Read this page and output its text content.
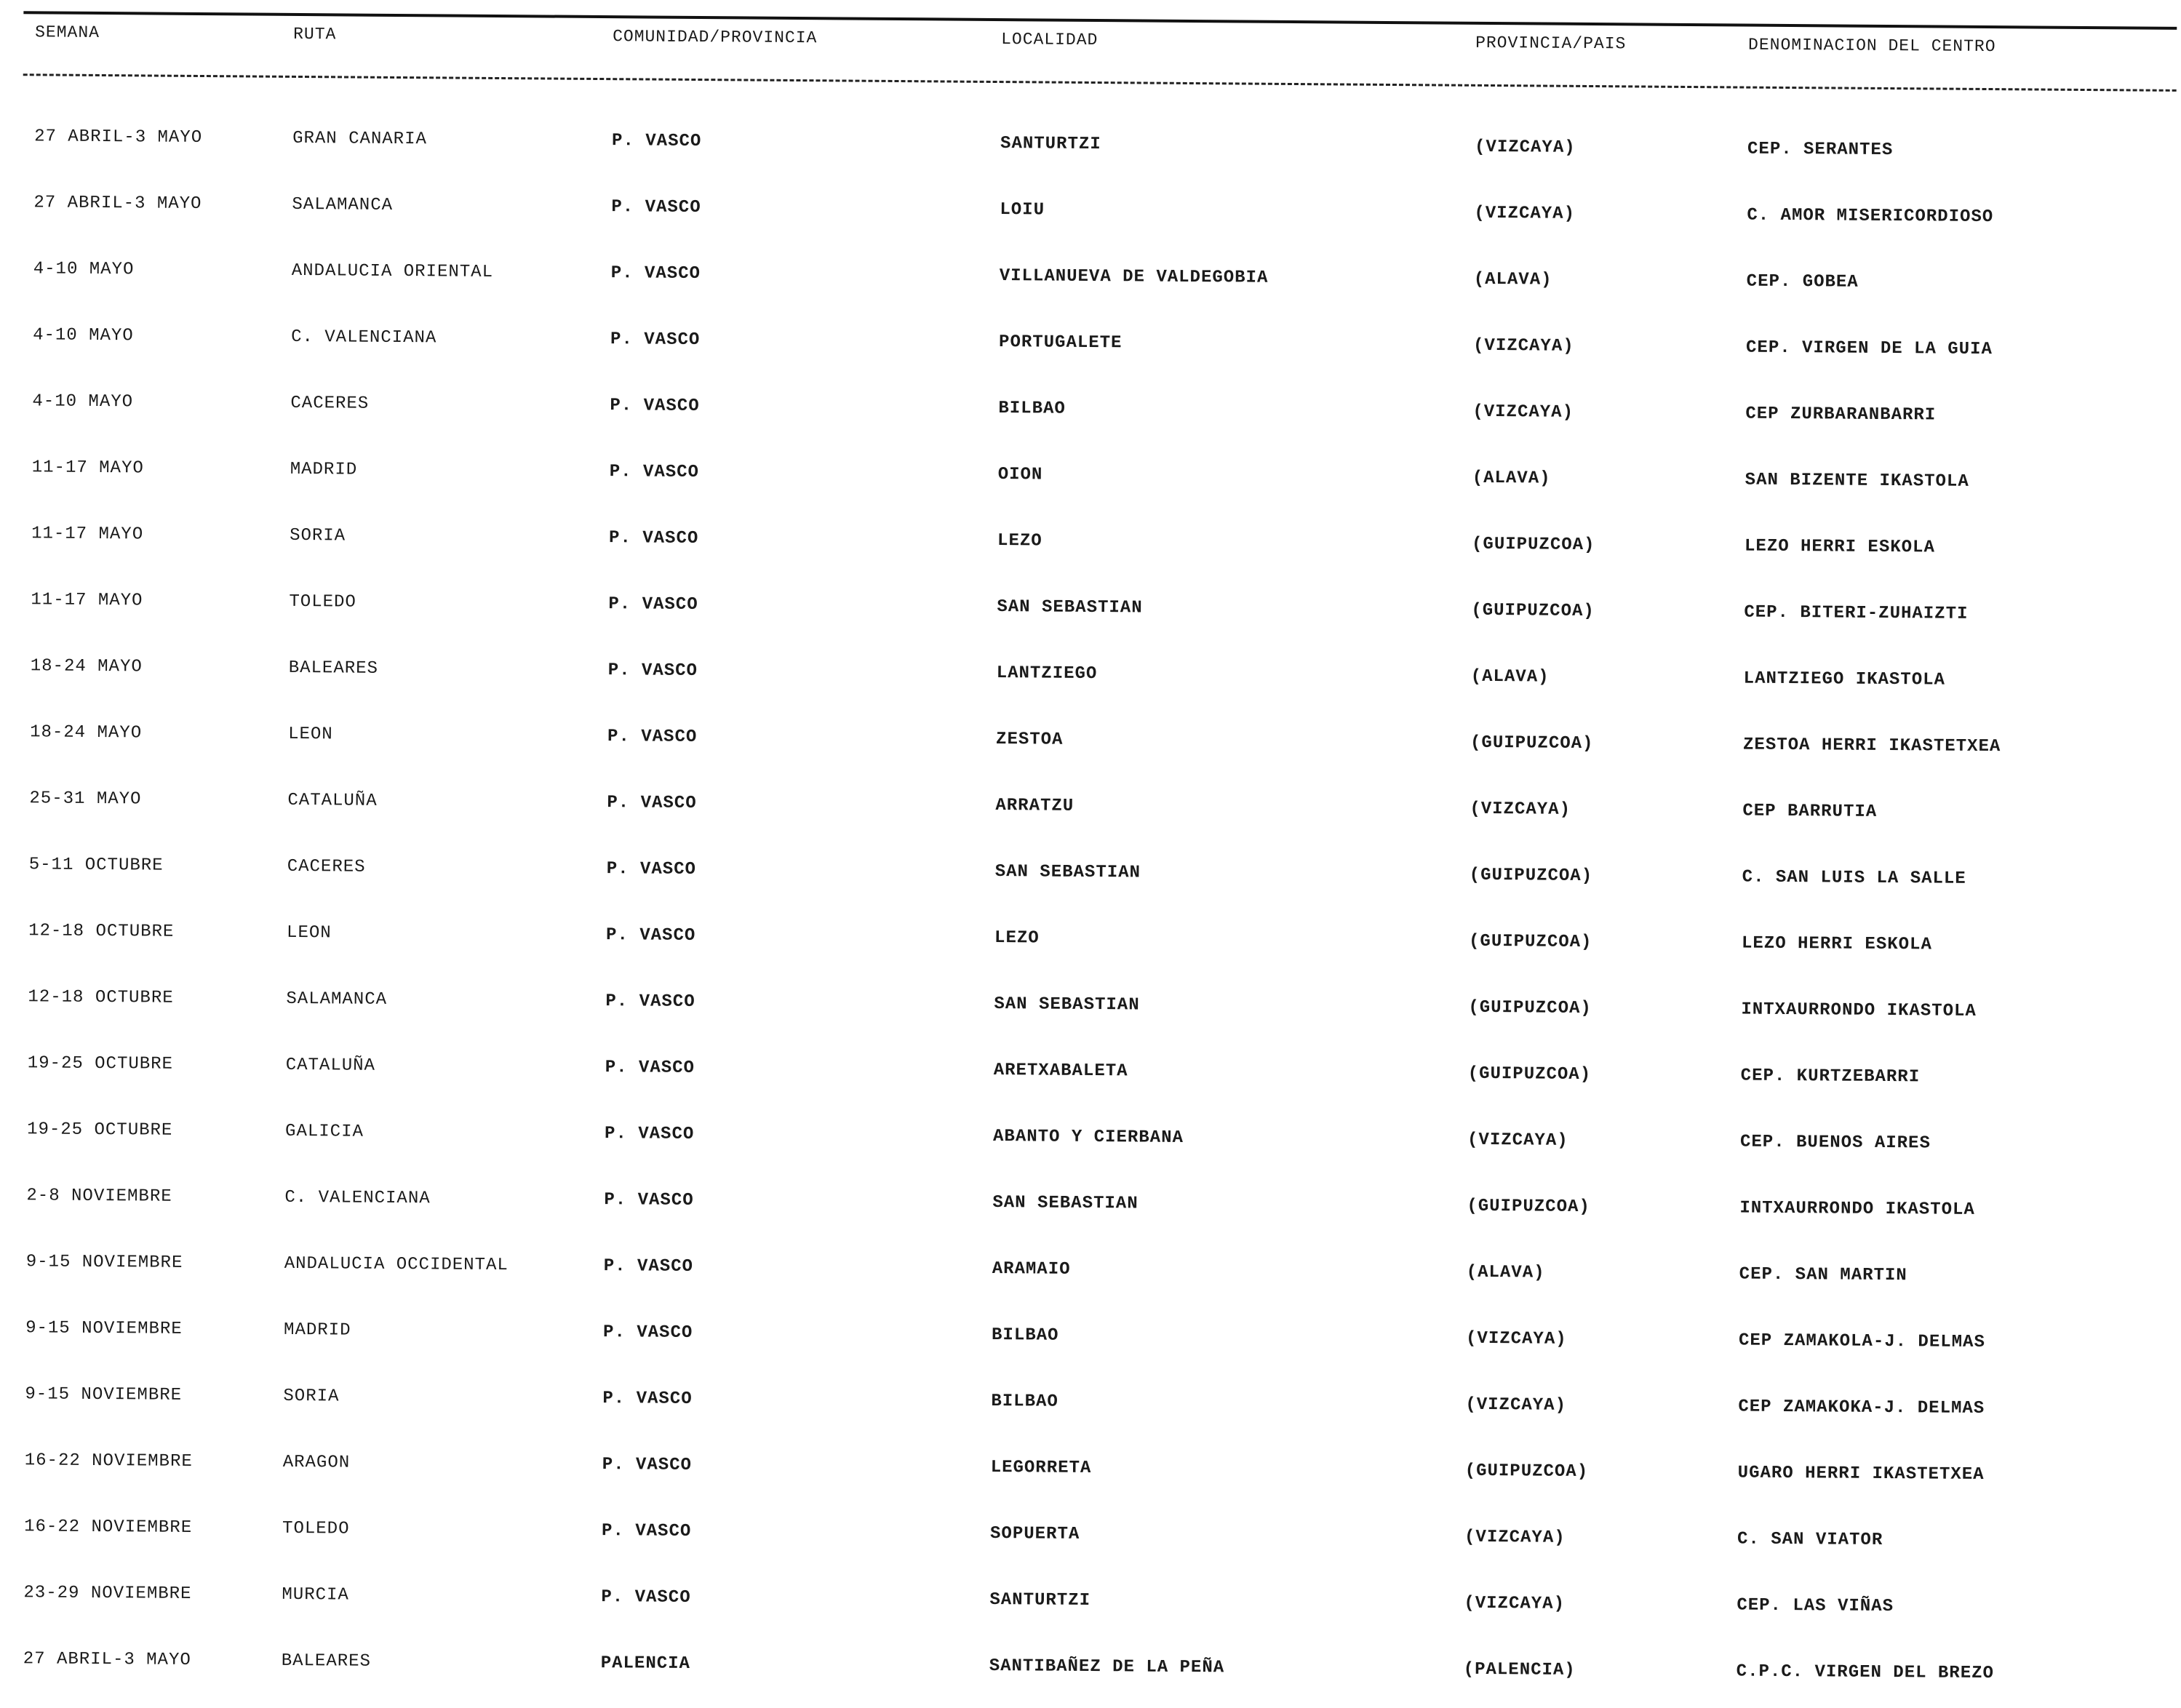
SEMANA	RUTA	COMUNIDAD/PROVINCIA	LOCALIDAD	PROVINCIA/PAIS	DENOMINACION DEL CENTRO
27 ABRIL-3 MAYO	GRAN CANARIA	P. VASCO	SANTURTZI	(VIZCAYA)	CEP. SERANTES
27 ABRIL-3 MAYO	SALAMANCA	P. VASCO	LOIU	(VIZCAYA)	C. AMOR MISERICORDIOSO
4-10 MAYO	ANDALUCIA ORIENTAL	P. VASCO	VILLANUEVA DE VALDEGOBIA	(ALAVA)	CEP. GOBEA
4-10 MAYO	C. VALENCIANA	P. VASCO	PORTUGALETE	(VIZCAYA)	CEP. VIRGEN DE LA GUIA
4-10 MAYO	CACERES	P. VASCO	BILBAO	(VIZCAYA)	CEP ZURBARANBARRI
11-17 MAYO	MADRID	P. VASCO	OION	(ALAVA)	SAN BIZENTE IKASTOLA
11-17 MAYO	SORIA	P. VASCO	LEZO	(GUIPUZCOA)	LEZO HERRI ESKOLA
11-17 MAYO	TOLEDO	P. VASCO	SAN SEBASTIAN	(GUIPUZCOA)	CEP. BITERI-ZUHAIZTI
18-24 MAYO	BALEARES	P. VASCO	LANTZIEGO	(ALAVA)	LANTZIEGO IKASTOLA
18-24 MAYO	LEON	P. VASCO	ZESTOA	(GUIPUZCOA)	ZESTOA HERRI IKASTETXEA
25-31 MAYO	CATALUÑA	P. VASCO	ARRATZU	(VIZCAYA)	CEP BARRUTIA
5-11 OCTUBRE	CACERES	P. VASCO	SAN SEBASTIAN	(GUIPUZCOA)	C. SAN LUIS LA SALLE
12-18 OCTUBRE	LEON	P. VASCO	LEZO	(GUIPUZCOA)	LEZO HERRI ESKOLA
12-18 OCTUBRE	SALAMANCA	P. VASCO	SAN SEBASTIAN	(GUIPUZCOA)	INTXAURRONDO IKASTOLA
19-25 OCTUBRE	CATALUÑA	P. VASCO	ARETXABALETA	(GUIPUZCOA)	CEP. KURTZEBARRI
19-25 OCTUBRE	GALICIA	P. VASCO	ABANTO Y CIERBANA	(VIZCAYA)	CEP. BUENOS AIRES
2-8 NOVIEMBRE	C. VALENCIANA	P. VASCO	SAN SEBASTIAN	(GUIPUZCOA)	INTXAURRONDO IKASTOLA
9-15 NOVIEMBRE	ANDALUCIA OCCIDENTAL	P. VASCO	ARAMAIO	(ALAVA)	CEP. SAN MARTIN
9-15 NOVIEMBRE	MADRID	P. VASCO	BILBAO	(VIZCAYA)	CEP ZAMAKOLA-J. DELMAS
9-15 NOVIEMBRE	SORIA	P. VASCO	BILBAO	(VIZCAYA)	CEP ZAMAKOKA-J. DELMAS
16-22 NOVIEMBRE	ARAGON	P. VASCO	LEGORRETA	(GUIPUZCOA)	UGARO HERRI IKASTETXEA
16-22 NOVIEMBRE	TOLEDO	P. VASCO	SOPUERTA	(VIZCAYA)	C. SAN VIATOR
23-29 NOVIEMBRE	MURCIA	P. VASCO	SANTURTZI	(VIZCAYA)	CEP. LAS VIÑAS
27 ABRIL-3 MAYO	BALEARES	PALENCIA	SANTIBAÑEZ DE LA PEÑA	(PALENCIA)	C.P.C. VIRGEN DEL BREZO
